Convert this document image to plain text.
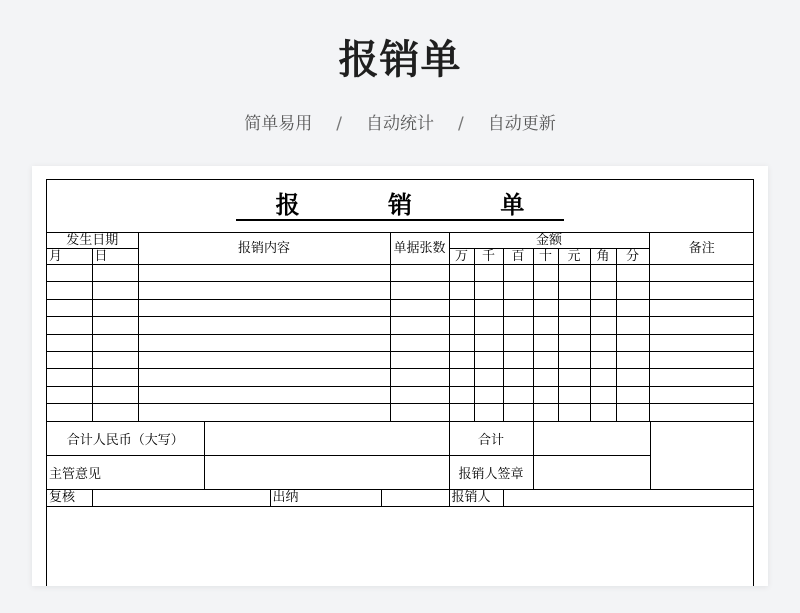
报销单
简单易用 / 自动统计 / 自动更新
报 销 单
发生日期		报销内容	单据张数	金额							备注
月	日			万	千	百	十	元	角	分	

合计人民币（大写）		合计		
主管意见		报销人签章		
复核		出纳		报销人	
